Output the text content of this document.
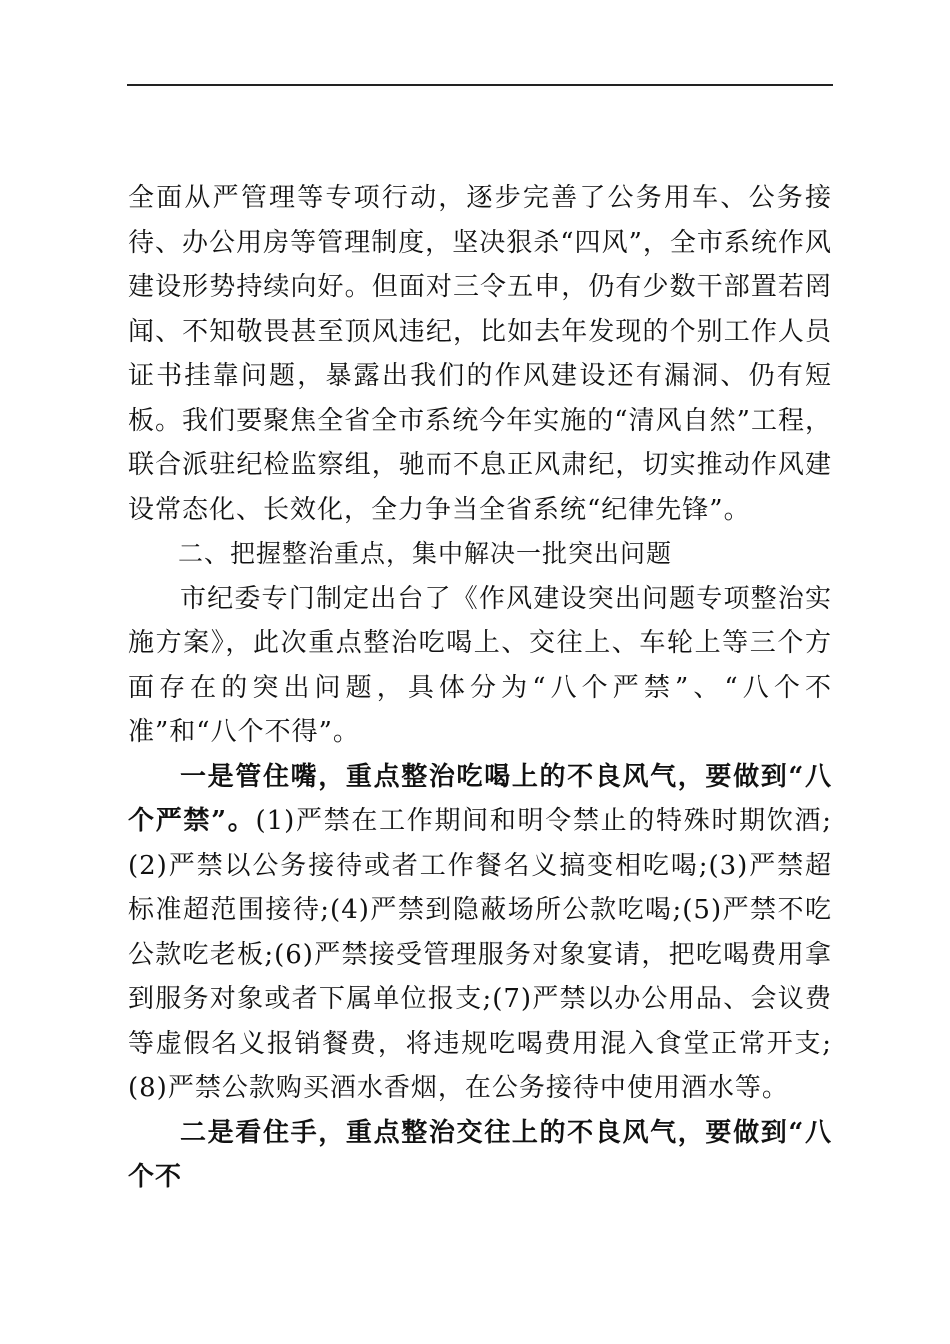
全面从严管理等专项行动，逐步完善了公务用车、公务接待、办公用房等管理制度，坚决狠杀“四风”，全市系统作风建设形势持续向好。但面对三令五申，仍有少数干部置若罔闻、不知敬畏甚至顶风违纪，比如去年发现的个别工作人员证书挂靠问题，暴露出我们的作风建设还有漏洞、仍有短板。我们要聚焦全省全市系统今年实施的“清风自然”工程，联合派驻纪检监察组，驰而不息正风肃纪，切实推动作风建设常态化、长效化，全力争当全省系统“纪律先锋”。

二、把握整治重点，集中解决一批突出问题

市纪委专门制定出台了《作风建设突出问题专项整治实施方案》，此次重点整治吃喝上、交往上、车轮上等三个方面存在的突出问题，具体分为“八个严禁”、“八个不准”和“八个不得”。

一是管住嘴，重点整治吃喝上的不良风气，要做到“八个严禁”。(1)严禁在工作期间和明令禁止的特殊时期饮酒;(2)严禁以公务接待或者工作餐名义搞变相吃喝;(3)严禁超标准超范围接待;(4)严禁到隐蔽场所公款吃喝;(5)严禁不吃公款吃老板;(6)严禁接受管理服务对象宴请，把吃喝费用拿到服务对象或者下属单位报支;(7)严禁以办公用品、会议费等虚假名义报销餐费，将违规吃喝费用混入食堂正常开支;(8)严禁公款购买酒水香烟，在公务接待中使用酒水等。

二是看住手，重点整治交往上的不良风气，要做到“八个不
